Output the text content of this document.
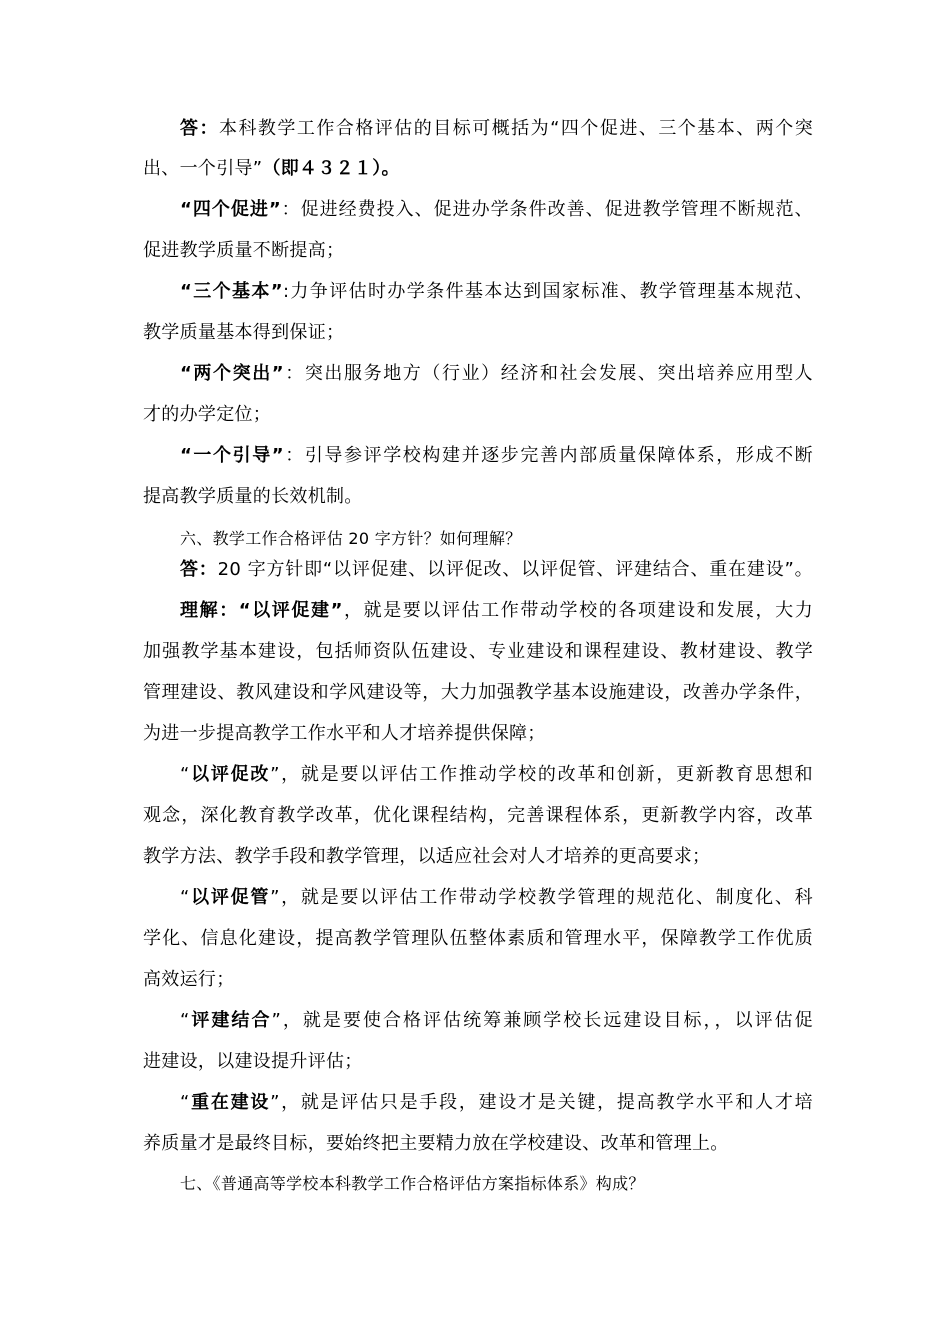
答：本科教学工作合格评估的目标可概括为“四个促进、三个基本、两个突
出、一个引导”（即４３２１）。
“四个促进”：促进经费投入、促进办学条件改善、促进教学管理不断规范、
促进教学质量不断提高；
“三个基本”:力争评估时办学条件基本达到国家标准、教学管理基本规范、
教学质量基本得到保证；
“两个突出”：突出服务地方（行业）经济和社会发展、突出培养应用型人
才的办学定位；
“一个引导”：引导参评学校构建并逐步完善内部质量保障体系，形成不断
提高教学质量的长效机制。
六、教学工作合格评估 20 字方针？如何理解？
答：20 字方针即“以评促建、以评促改、以评促管、评建结合、重在建设”。
理解：“以评促建”，就是要以评估工作带动学校的各项建设和发展，大力
加强教学基本建设，包括师资队伍建设、专业建设和课程建设、教材建设、教学
管理建设、教风建设和学风建设等，大力加强教学基本设施建设，改善办学条件，
为进一步提高教学工作水平和人才培养提供保障；
“以评促改”，就是要以评估工作推动学校的改革和创新，更新教育思想和
观念，深化教育教学改革，优化课程结构，完善课程体系，更新教学内容，改革
教学方法、教学手段和教学管理，以适应社会对人才培养的更高要求；
“以评促管”，就是要以评估工作带动学校教学管理的规范化、制度化、科
学化、信息化建设，提高教学管理队伍整体素质和管理水平，保障教学工作优质
高效运行；
“评建结合”，就是要使合格评估统筹兼顾学校长远建设目标，，以评估促
进建设，以建设提升评估；
“重在建设”，就是评估只是手段，建设才是关键，提高教学水平和人才培
养质量才是最终目标，要始终把主要精力放在学校建设、改革和管理上。
七、《普通高等学校本科教学工作合格评估方案指标体系》构成？
